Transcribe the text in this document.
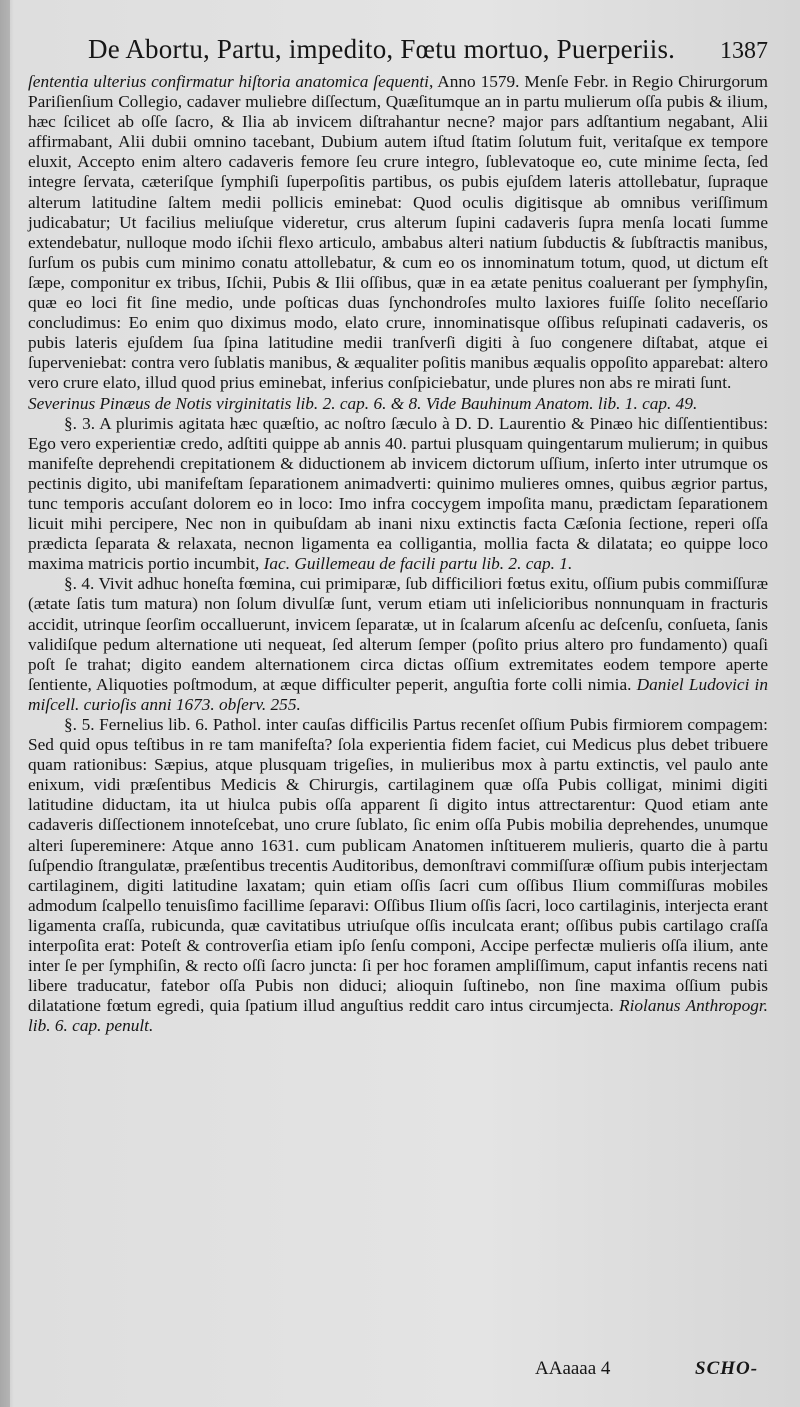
De Abortu, Partu, impedito, Fœtu mortuo, Puerperiis. 1387

ſententia ulterius confirmatur hiſtoria anatomica ſequenti, Anno 1579. Menſe Febr. in Regio Chirurgorum Pariſienſium Collegio, cadaver muliebre diſſectum, Quæſitumque an in partu mulierum oſſa pubis & ilium, hæc ſcilicet ab oſſe ſacro, & Ilia ab invicem diſtrahantur necne? major pars adſtantium negabant, Alii affirmabant, Alii dubii omnino tacebant, Dubium autem iſtud ſtatim ſolutum fuit, veritaſque ex tempore eluxit, Accepto enim altero cadaveris femore ſeu crure integro, ſublevatoque eo, cute minime ſecta, ſed integre ſervata, cæteriſque ſymphiſi ſuperpoſitis partibus, os pubis ejuſdem lateris attollebatur, ſupraque alterum latitudine ſaltem medii pollicis eminebat: Quod oculis digitisque ab omnibus veriſſimum judicabatur; Ut facilius meliuſque videretur, crus alterum ſupini cadaveris ſupra menſa locati ſumme extendebatur, nulloque modo iſchii flexo articulo, ambabus alteri natium ſubductis & ſubſtractis manibus, ſurſum os pubis cum minimo conatu attollebatur, & cum eo os innominatum totum, quod, ut dictum eſt ſæpe, componitur ex tribus, Iſchii, Pubis & Ilii oſſibus, quæ in ea ætate penitus coaluerant per ſymphyſin, quæ eo loci fit ſine medio, unde poſticas duas ſynchondroſes multo laxiores fuiſſe ſolito neceſſario concludimus: Eo enim quo diximus modo, elato crure, innominatisque oſſibus reſupinati cadaveris, os pubis lateris ejuſdem ſua ſpina latitudine medii tranſverſi digiti à ſuo congenere diſtabat, atque ei ſuperveniebat: contra vero ſublatis manibus, & æqualiter poſitis manibus æqualis oppoſito apparebat: altero vero crure elato, illud quod prius eminebat, inferius conſpiciebatur, unde plures non abs re mirati ſunt.

Severinus Pinæus de Notis virginitatis lib. 2. cap. 6. & 8. Vide Bauhinum Anatom. lib. 1. cap. 49.

§. 3. A plurimis agitata hæc quæſtio, ac noſtro ſæculo à D. D. Laurentio & Pinæo hic diſſentientibus: Ego vero experientiæ credo, adſtiti quippe ab annis 40. partui plusquam quingentarum mulierum; in quibus manifeſte deprehendi crepitationem & diductionem ab invicem dictorum uſſium, inſerto inter utrumque os pectinis digito, ubi manifeſtam ſeparationem animadverti: quinimo mulieres omnes, quibus ægrior partus, tunc temporis accuſant dolorem eo in loco: Imo infra coccygem impoſita manu, prædictam ſeparationem licuit mihi percipere, Nec non in quibuſdam ab inani nixu extinctis facta Cæſonia ſectione, reperi oſſa prædicta ſeparata & relaxata, necnon ligamenta ea colligantia, mollia facta & dilatata; eo quippe loco maxima matricis portio incumbit, Iac. Guillemeau de facili partu lib. 2. cap. 1.

§. 4. Vivit adhuc honeſta fœmina, cui primiparæ, ſub difficiliori fœtus exitu, oſſium pubis commiſſuræ (ætate ſatis tum matura) non ſolum divulſæ ſunt, verum etiam uti inſelicioribus nonnunquam in fracturis accidit, utrinque ſeorſim occalluerunt, invicem ſeparatæ, ut in ſcalarum aſcenſu ac deſcenſu, conſueta, ſanis validiſque pedum alternatione uti nequeat, ſed alterum ſemper (poſito prius altero pro fundamento) quaſi poſt ſe trahat; digito eandem alternationem circa dictas oſſium extremitates eodem tempore aperte ſentiente, Aliquoties poſtmodum, at æque difficulter peperit, anguſtia forte colli nimia. Daniel Ludovici in miſcell. curioſis anni 1673. obſerv. 255.

§. 5. Fernelius lib. 6. Pathol. inter cauſas difficilis Partus recenſet oſſium Pubis firmiorem compagem: Sed quid opus teſtibus in re tam manifeſta? ſola experientia fidem faciet, cui Medicus plus debet tribuere quam rationibus: Sæpius, atque plusquam trigeſies, in mulieribus mox à partu extinctis, vel paulo ante enixum, vidi præſentibus Medicis & Chirurgis, cartilaginem quæ oſſa Pubis colligat, minimi digiti latitudine diductam, ita ut hiulca pubis oſſa apparent ſi digito intus attrectarentur: Quod etiam ante cadaveris diſſectionem innoteſcebat, uno crure ſublato, ſic enim oſſa Pubis mobilia deprehendes, unumque alteri ſupereminere: Atque anno 1631. cum publicam Anatomen inſtituerem mulieris, quarto die à partu ſuſpendio ſtrangulatæ, præſentibus trecentis Auditoribus, demonſtravi commiſſuræ oſſium pubis interjectam cartilaginem, digiti latitudine laxatam; quin etiam oſſis ſacri cum oſſibus Ilium commiſſuras mobiles admodum ſcalpello tenuisſimo facillime ſeparavi: Oſſibus Ilium oſſis ſacri, loco cartilaginis, interjecta erant ligamenta craſſa, rubicunda, quæ cavitatibus utriuſque oſſis inculcata erant; oſſibus pubis cartilago craſſa interpoſita erat: Poteſt & controverſia etiam ipſo ſenſu componi, Accipe perfectæ mulieris oſſa ilium, ante inter ſe per ſymphiſin, & recto oſſi ſacro juncta: ſi per hoc foramen ampliſſimum, caput infantis recens nati libere traducatur, fatebor oſſa Pubis non diduci; alioquin ſuſtinebo, non ſine maxima oſſium pubis dilatatione fœtum egredi, quia ſpatium illud anguſtius reddit caro intus circumjecta. Riolanus Anthropogr. lib. 6. cap. penult.

AAaaaa 4	SCHO-
